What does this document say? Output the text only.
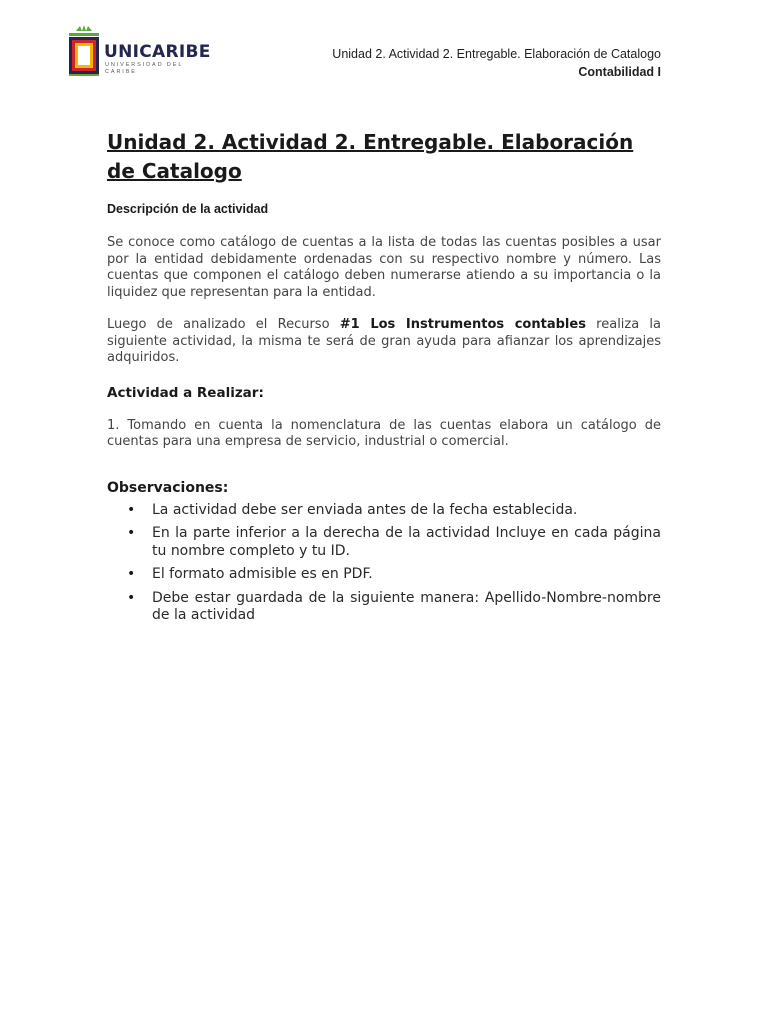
UNICARIBE
UNIVERSIDAD DEL CARIBE
Unidad 2. Actividad 2. Entregable. Elaboración de Catalogo
Contabilidad I
Unidad 2. Actividad 2. Entregable. Elaboración de Catalogo
Descripción de la actividad

Se conoce como catálogo de cuentas a la lista de todas las cuentas posibles a usar por la entidad debidamente ordenadas con su respectivo nombre y número. Las cuentas que componen el catálogo deben numerarse atiendo a su importancia o la liquidez que representan para la entidad.

Luego de analizado el Recurso #1 Los Instrumentos contables realiza la siguiente actividad, la misma te será de gran ayuda para afianzar los aprendizajes adquiridos.

Actividad a Realizar:

1. Tomando en cuenta la nomenclatura de las cuentas elabora un catálogo de cuentas para una empresa de servicio, industrial o comercial.

Observaciones:
• La actividad debe ser enviada antes de la fecha establecida.
• En la parte inferior a la derecha de la actividad Incluye en cada página tu nombre completo y tu ID.
• El formato admisible es en PDF.
• Debe estar guardada de la siguiente manera: Apellido-Nombre-nombre de la actividad
